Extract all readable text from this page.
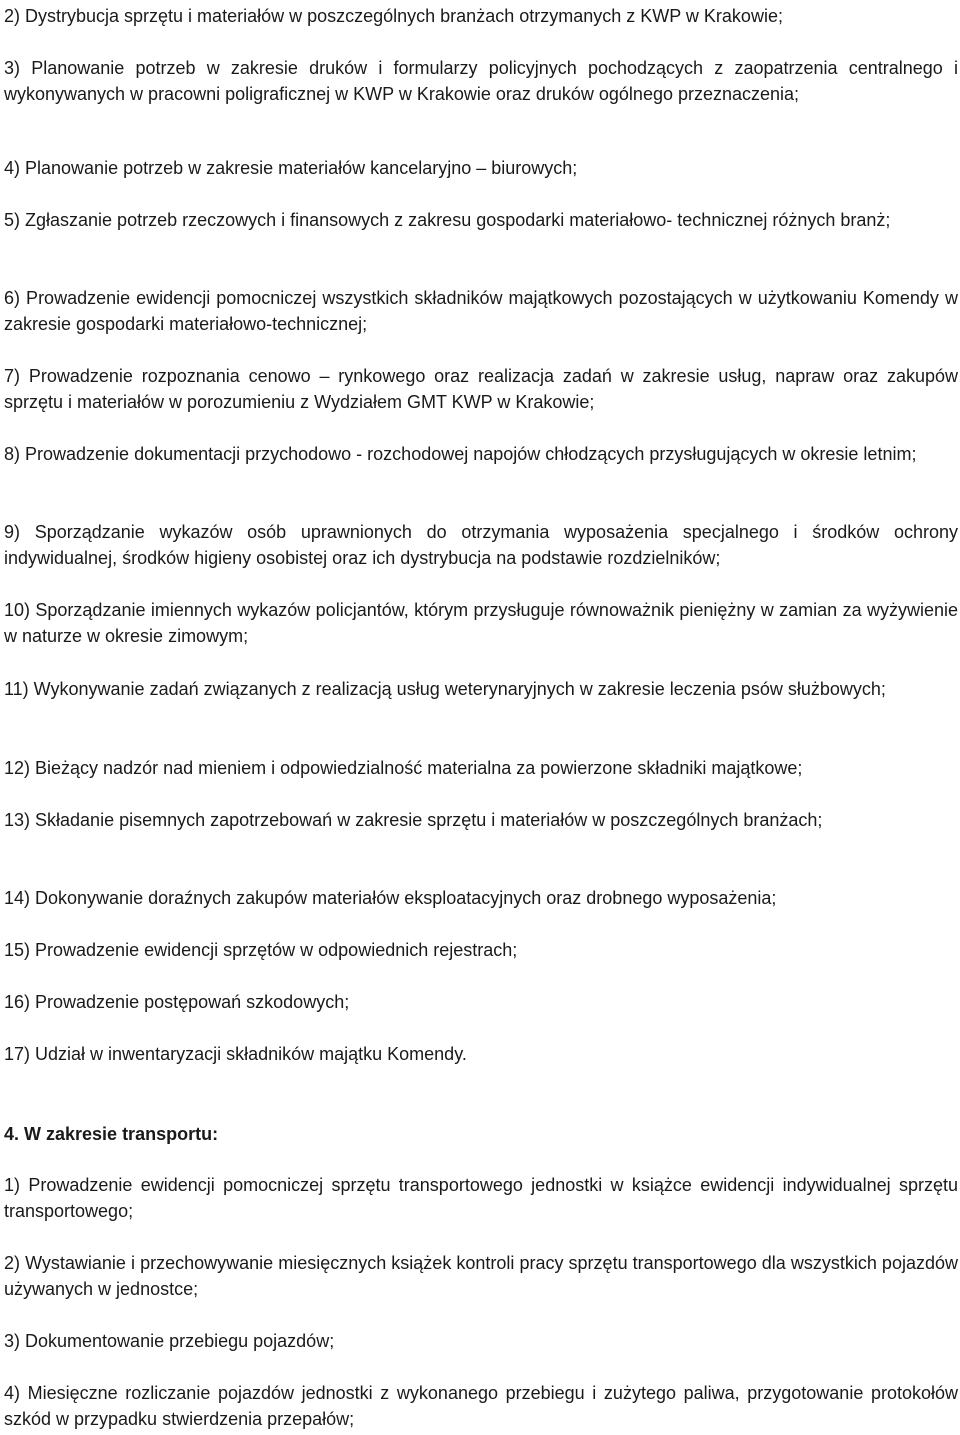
2) Dystrybucja sprzętu i materiałów w poszczególnych branżach otrzymanych z KWP w Krakowie;

3) Planowanie potrzeb w zakresie druków i formularzy policyjnych pochodzących z zaopatrzenia centralnego i wykonywanych w pracowni poligraficznej w KWP w Krakowie oraz druków ogólnego przeznaczenia;

4) Planowanie potrzeb w zakresie materiałów kancelaryjno – biurowych;

5) Zgłaszanie potrzeb rzeczowych i finansowych z zakresu gospodarki materiałowo- technicznej różnych branż;

6) Prowadzenie ewidencji pomocniczej wszystkich składników majątkowych pozostających w użytkowaniu Komendy w zakresie gospodarki materiałowo-technicznej;

7) Prowadzenie rozpoznania cenowo – rynkowego oraz realizacja zadań w zakresie usług, napraw oraz zakupów sprzętu i materiałów w porozumieniu z Wydziałem GMT KWP w Krakowie;

8) Prowadzenie dokumentacji przychodowo - rozchodowej napojów chłodzących przysługujących w okresie letnim;

9) Sporządzanie wykazów osób uprawnionych do otrzymania wyposażenia specjalnego i środków ochrony indywidualnej, środków higieny osobistej oraz ich dystrybucja na podstawie rozdzielników;

10) Sporządzanie imiennych wykazów policjantów, którym przysługuje równoważnik pieniężny w zamian za wyżywienie w naturze w okresie zimowym;

11) Wykonywanie zadań związanych z realizacją usług weterynaryjnych w zakresie leczenia psów służbowych;

12) Bieżący nadzór nad mieniem i odpowiedzialność materialna za powierzone składniki majątkowe;

13) Składanie pisemnych zapotrzebowań w zakresie sprzętu i materiałów w poszczególnych branżach;

14) Dokonywanie doraźnych zakupów materiałów eksploatacyjnych oraz drobnego wyposażenia;

15) Prowadzenie ewidencji sprzętów w odpowiednich rejestrach;

16) Prowadzenie postępowań szkodowych;

17) Udział w inwentaryzacji składników majątku Komendy.

4. W zakresie transportu:

1) Prowadzenie ewidencji pomocniczej sprzętu transportowego jednostki w książce ewidencji indywidualnej sprzętu transportowego;

2) Wystawianie i przechowywanie miesięcznych książek kontroli pracy sprzętu transportowego dla wszystkich pojazdów używanych w jednostce;

3) Dokumentowanie przebiegu pojazdów;

4) Miesięczne rozliczanie pojazdów jednostki z wykonanego przebiegu i zużytego paliwa, przygotowanie protokołów szkód w przypadku stwierdzenia przepałów;
